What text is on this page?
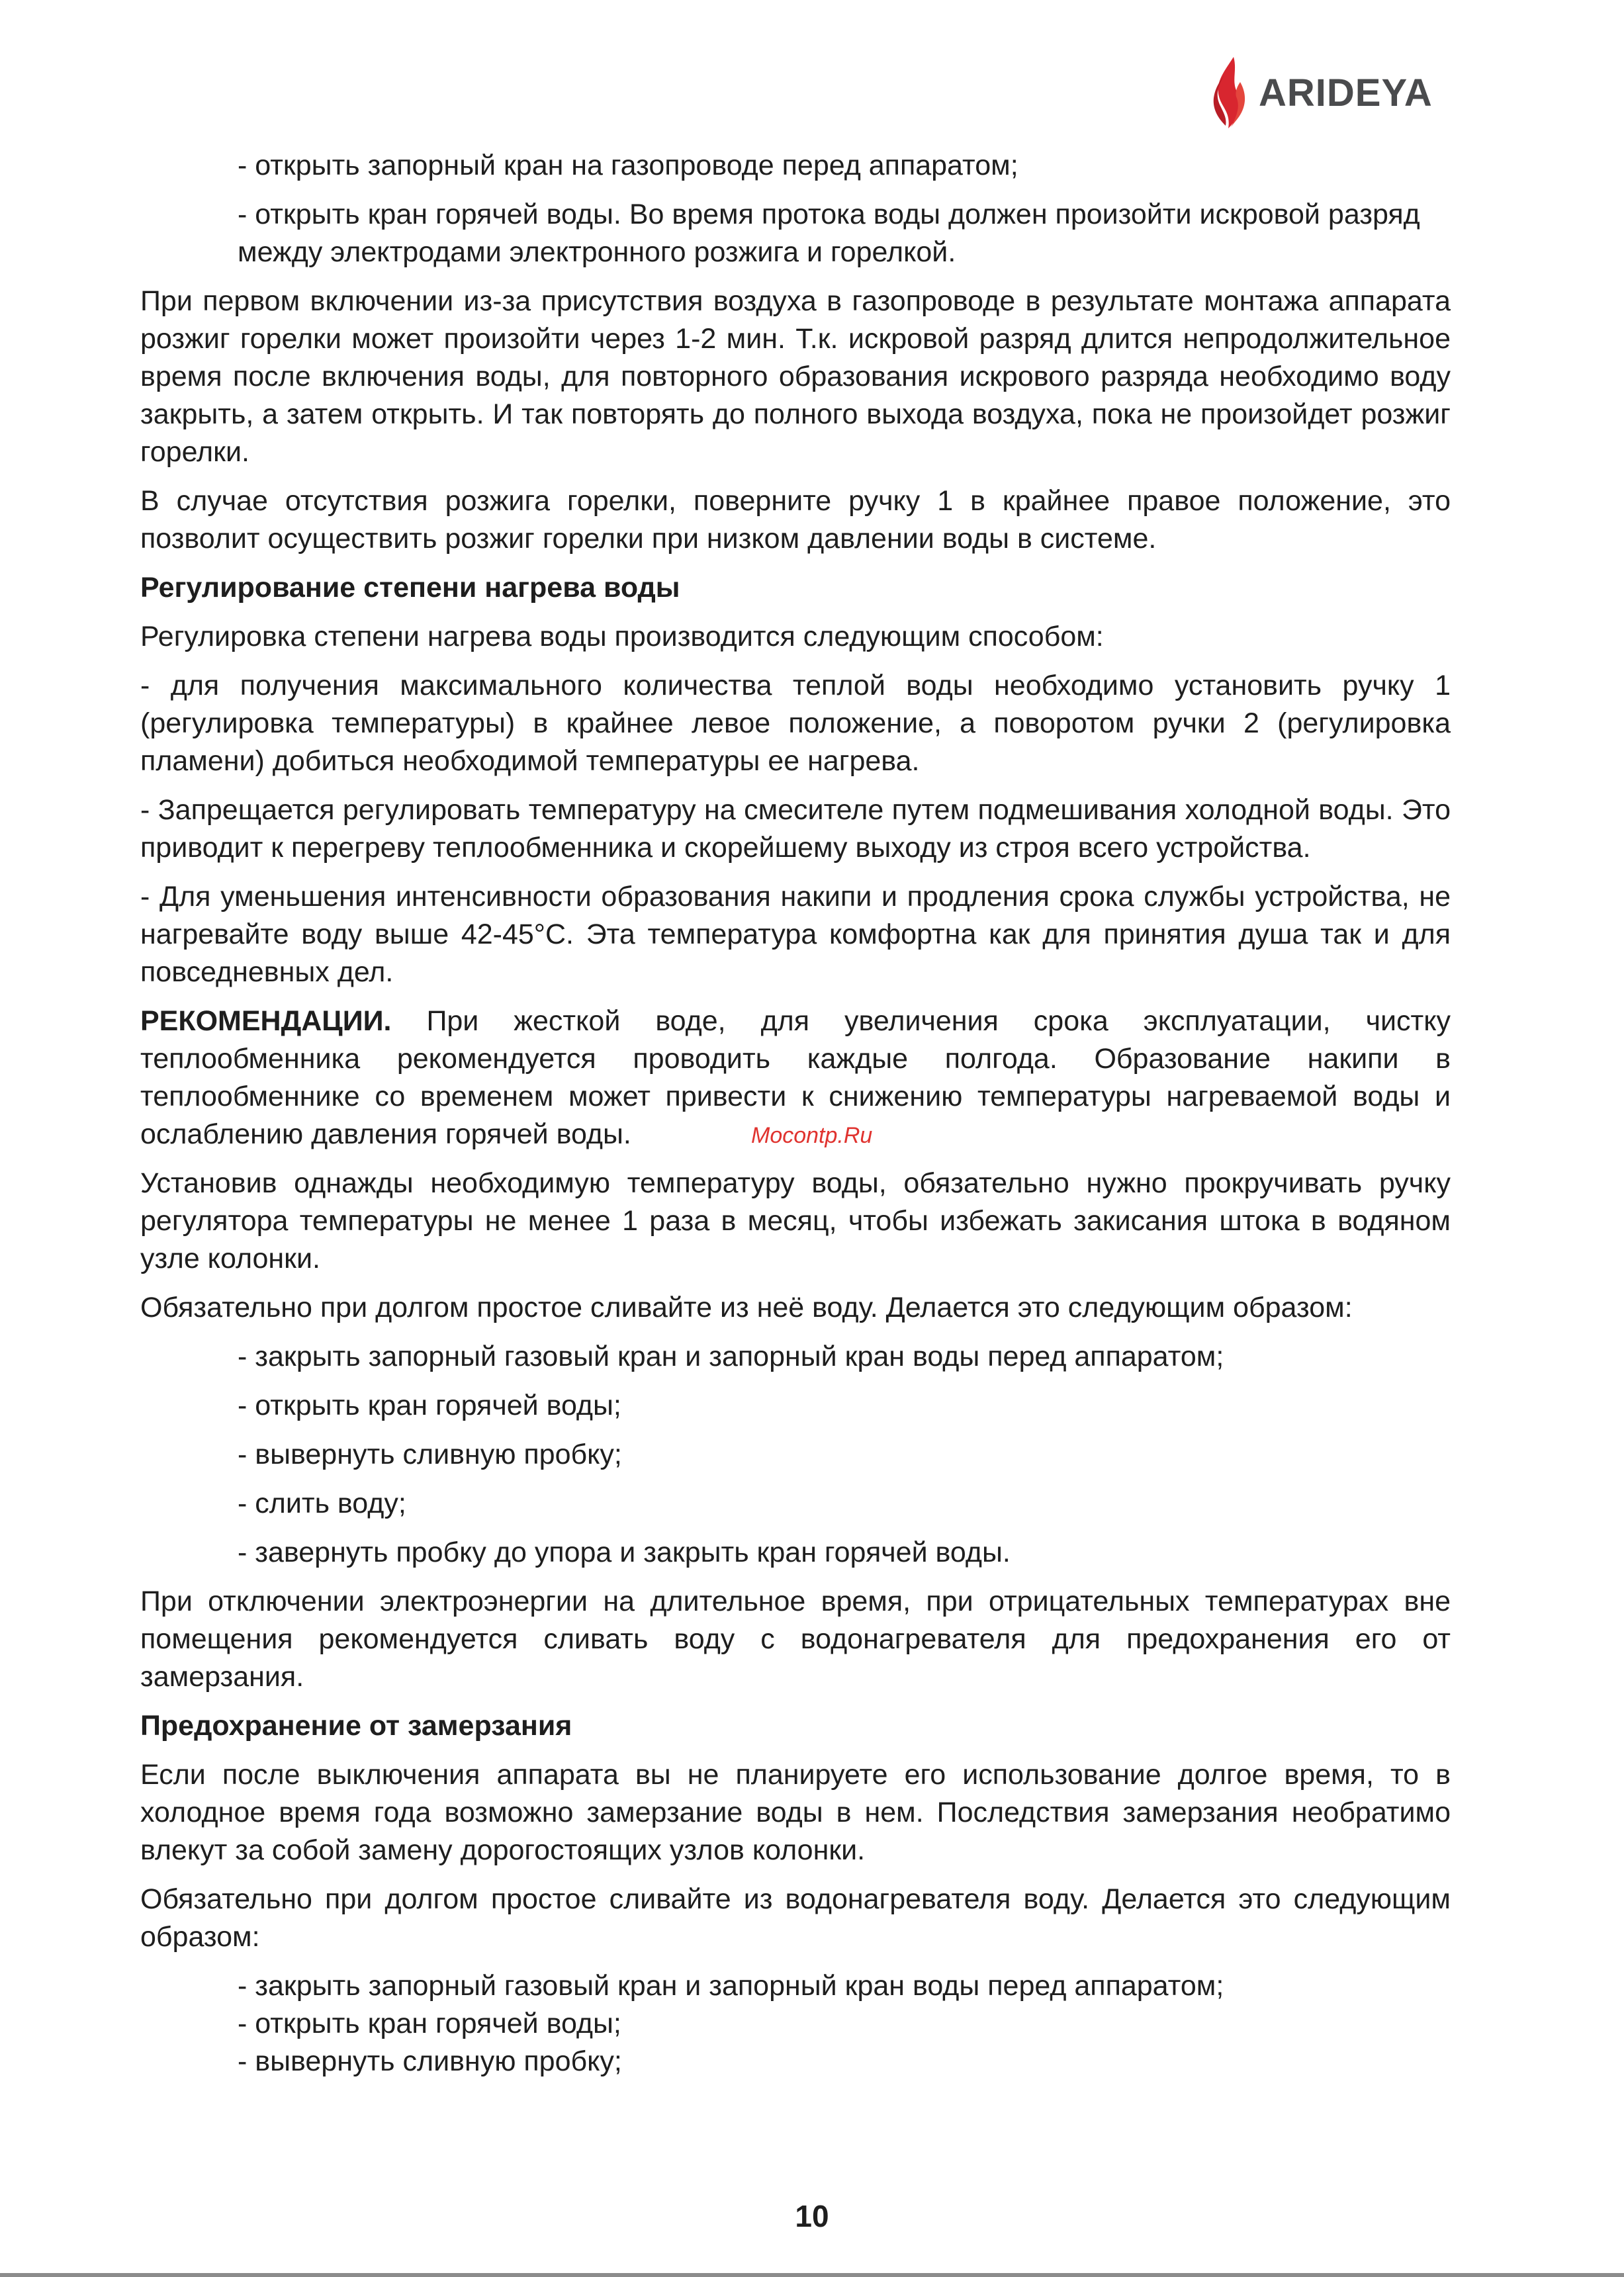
ARIDEYA

- открыть запорный кран на газопроводе перед аппаратом;

- открыть кран горячей воды. Во время протока воды должен произойти искровой разряд между электродами электронного розжига и горелкой.

При первом включении из-за присутствия воздуха в газопроводе в результате монтажа аппарата розжиг горелки может произойти через 1-2 мин. Т.к. искровой разряд длится непродолжительное время после включения воды, для повторного образования искрового разряда необходимо воду закрыть, а затем открыть. И так повторять до полного выхода воздуха, пока не произойдет розжиг горелки.

В случае отсутствия розжига горелки, поверните ручку 1 в крайнее правое положение, это позволит осуществить розжиг горелки при низком давлении воды в системе.

Регулирование степени нагрева воды

Регулировка степени нагрева воды производится следующим способом:

- для получения максимального количества теплой воды необходимо установить ручку 1 (регулировка температуры) в крайнее левое положение, а поворотом ручки 2 (регулировка пламени) добиться необходимой температуры ее нагрева.

- Запрещается регулировать температуру на смесителе путем подмешивания холодной воды. Это приводит к перегреву теплообменника и скорейшему выходу из строя всего устройства.

- Для уменьшения интенсивности образования накипи и продления срока службы устройства, не нагревайте воду выше 42-45°С. Эта температура комфортна как для принятия душа так и для повседневных дел.

РЕКОМЕНДАЦИИ. При жесткой воде, для увеличения срока эксплуатации, чистку теплообменника рекомендуется проводить каждые полгода. Образование накипи в теплообменнике со временем может привести к снижению температуры нагреваемой воды и ослаблению давления горячей воды.

Установив однажды необходимую температуру воды, обязательно нужно прокручивать ручку регулятора температуры не менее 1 раза в месяц, чтобы избежать закисания штока в водяном узле колонки.

Обязательно при долгом простое сливайте из неё воду. Делается это следующим образом:

- закрыть запорный газовый кран и запорный кран воды перед аппаратом;

- открыть кран горячей воды;

- вывернуть сливную пробку;

- слить воду;

- завернуть пробку до упора и закрыть кран горячей воды.

При отключении электроэнергии на длительное время, при отрицательных температурах вне помещения рекомендуется сливать воду с водонагревателя для предохранения его от замерзания.

Предохранение от замерзания

Если после выключения аппарата вы не планируете его использование долгое время, то в холодное время года возможно замерзание воды в нем. Последствия замерзания необратимо влекут за собой замену дорогостоящих узлов колонки.

Обязательно при долгом простое сливайте из водонагревателя воду. Делается это следующим образом:

- закрыть запорный газовый кран и запорный кран воды перед аппаратом;

- открыть кран горячей воды;

- вывернуть сливную пробку;

Mocontp.Ru
10
